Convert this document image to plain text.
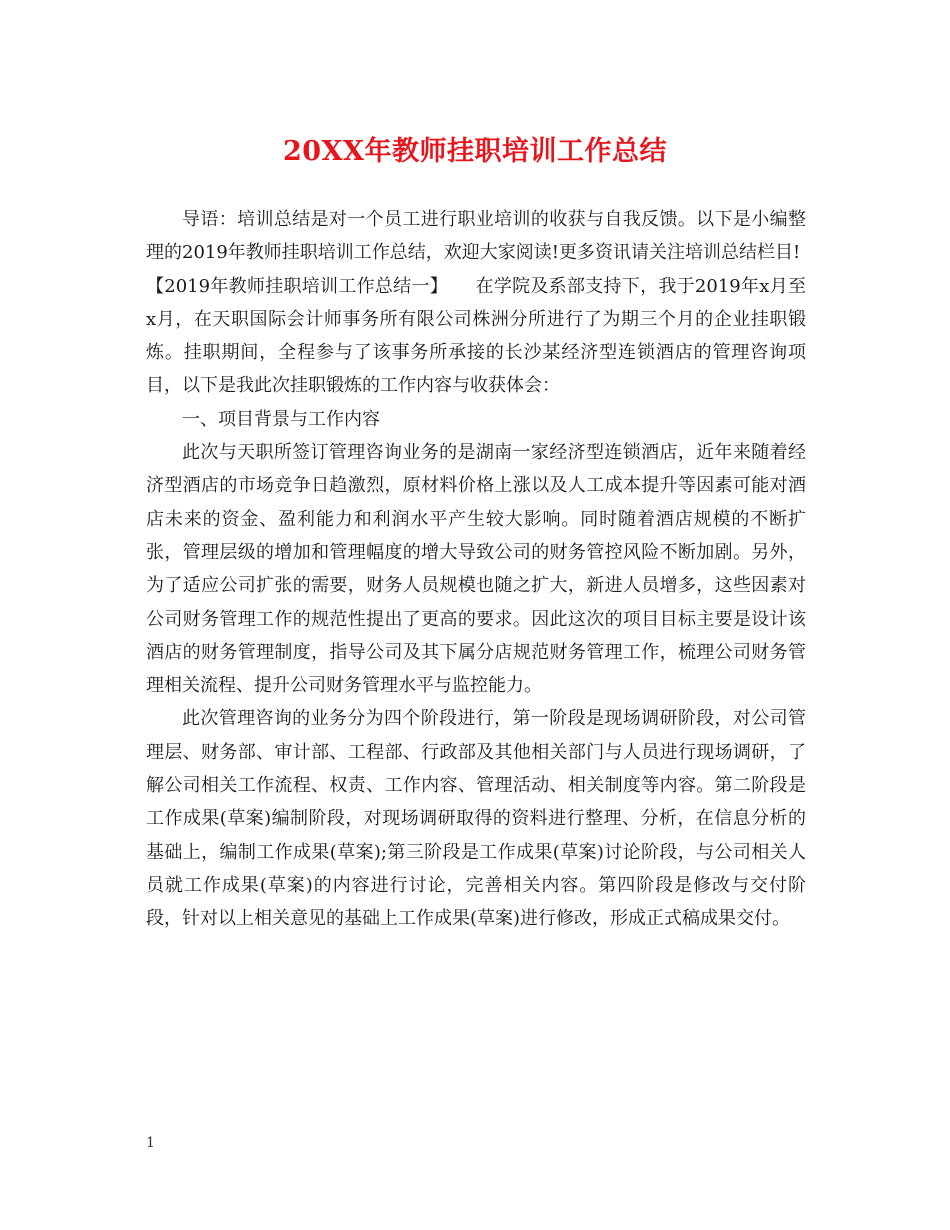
20XX年教师挂职培训工作总结

导语：培训总结是对一个员工进行职业培训的收获与自我反馈。以下是小编整理的2019年教师挂职培训工作总结，欢迎大家阅读!更多资讯请关注培训总结栏目!

【2019年教师挂职培训工作总结一】　　在学院及系部支持下，我于2019年x月至x月，在天职国际会计师事务所有限公司株洲分所进行了为期三个月的企业挂职锻炼。挂职期间，全程参与了该事务所承接的长沙某经济型连锁酒店的管理咨询项目，以下是我此次挂职锻炼的工作内容与收获体会：

一、项目背景与工作内容

此次与天职所签订管理咨询业务的是湖南一家经济型连锁酒店，近年来随着经济型酒店的市场竞争日趋激烈，原材料价格上涨以及人工成本提升等因素可能对酒店未来的资金、盈利能力和利润水平产生较大影响。同时随着酒店规模的不断扩张，管理层级的增加和管理幅度的增大导致公司的财务管控风险不断加剧。另外，为了适应公司扩张的需要，财务人员规模也随之扩大，新进人员增多，这些因素对公司财务管理工作的规范性提出了更高的要求。因此这次的项目目标主要是设计该酒店的财务管理制度，指导公司及其下属分店规范财务管理工作，梳理公司财务管理相关流程、提升公司财务管理水平与监控能力。

此次管理咨询的业务分为四个阶段进行，第一阶段是现场调研阶段，对公司管理层、财务部、审计部、工程部、行政部及其他相关部门与人员进行现场调研，了解公司相关工作流程、权责、工作内容、管理活动、相关制度等内容。第二阶段是工作成果(草案)编制阶段，对现场调研取得的资料进行整理、分析，在信息分析的基础上，编制工作成果(草案);第三阶段是工作成果(草案)讨论阶段，与公司相关人员就工作成果(草案)的内容进行讨论，完善相关内容。第四阶段是修改与交付阶段，针对以上相关意见的基础上工作成果(草案)进行修改，形成正式稿成果交付。

1
